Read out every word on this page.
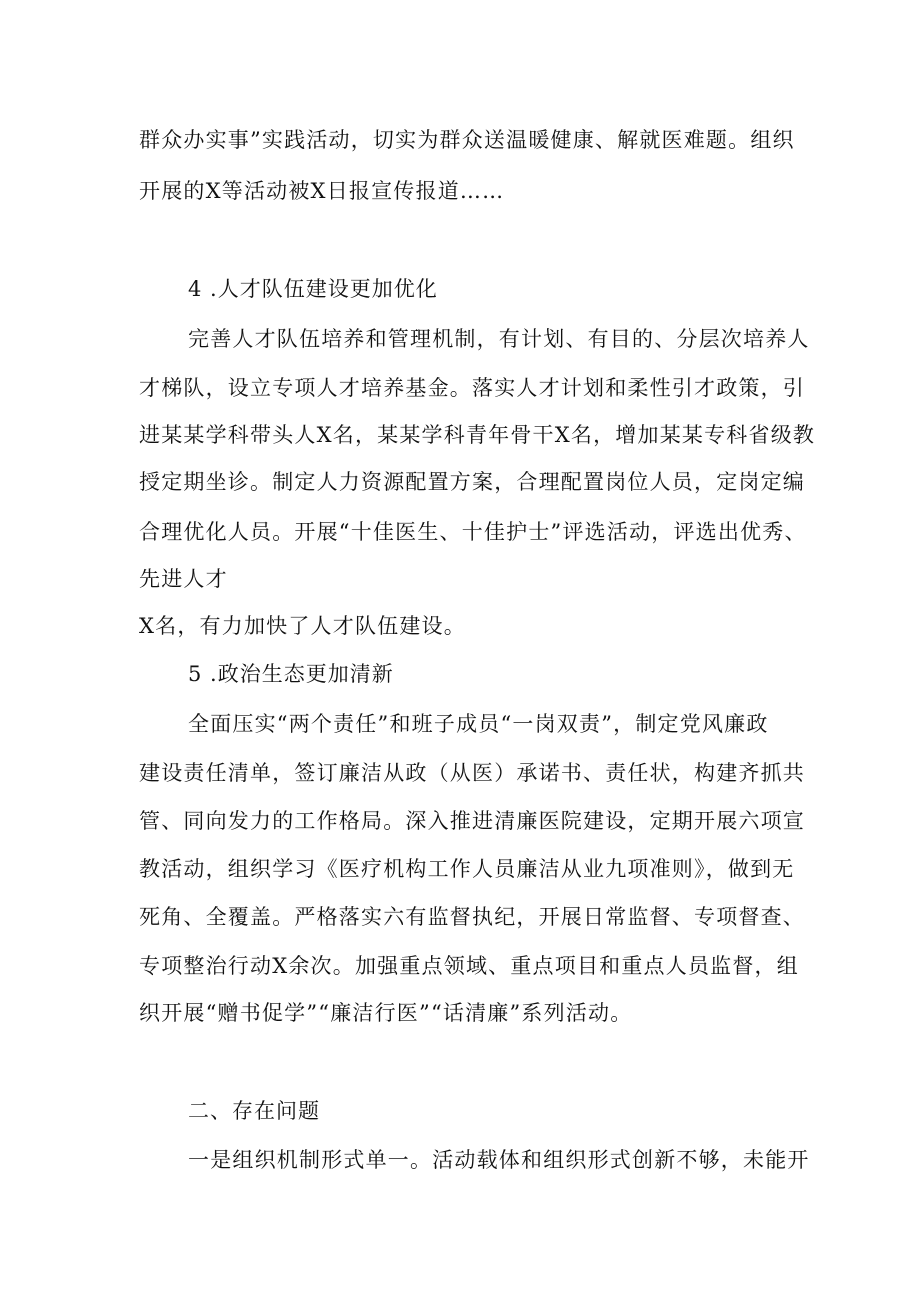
群众办实事”实践活动，切实为群众送温暖健康、解就医难题。组织
开展的X等活动被X日报宣传报道……
4 .人才队伍建设更加优化
完善人才队伍培养和管理机制，有计划、有目的、分层次培养人
才梯队，设立专项人才培养基金。落实人才计划和柔性引才政策，引
进某某学科带头人X名，某某学科青年骨干X名，增加某某专科省级教
授定期坐诊。制定人力资源配置方案，合理配置岗位人员，定岗定编
合理优化人员。开展“十佳医生、十佳护士”评选活动，评选出优秀、
先进人才
X名，有力加快了人才队伍建设。
5 .政治生态更加清新
全面压实“两个责任”和班子成员“一岗双责”，制定党风廉政
建设责任清单，签订廉洁从政（从医）承诺书、责任状，构建齐抓共
管、同向发力的工作格局。深入推进清廉医院建设，定期开展六项宣
教活动，组织学习《医疗机构工作人员廉洁从业九项准则》，做到无
死角、全覆盖。严格落实六有监督执纪，开展日常监督、专项督查、
专项整治行动X余次。加强重点领域、重点项目和重点人员监督，组
织开展“赠书促学”“廉洁行医”“话清廉”系列活动。
二、存在问题
一是组织机制形式单一。活动载体和组织形式创新不够，未能开
